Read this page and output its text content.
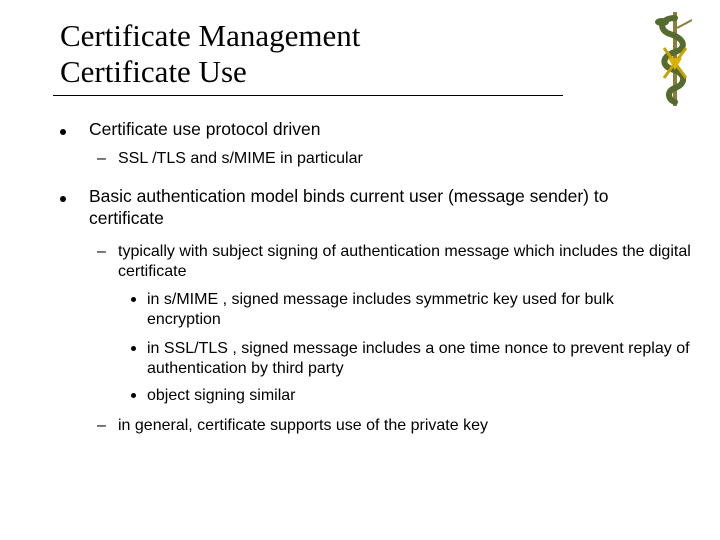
Certificate Management
Certificate Use
Certificate use protocol driven
– SSL /TLS and s/MIME in particular
Basic authentication model binds current user (message sender) to certificate
– typically with subject signing of authentication message which includes the digital certificate
in s/MIME , signed message includes symmetric key used for bulk encryption
in SSL/TLS , signed message includes a one time nonce to prevent replay of authentication by third party
object signing similar
– in general, certificate supports use of the private key
